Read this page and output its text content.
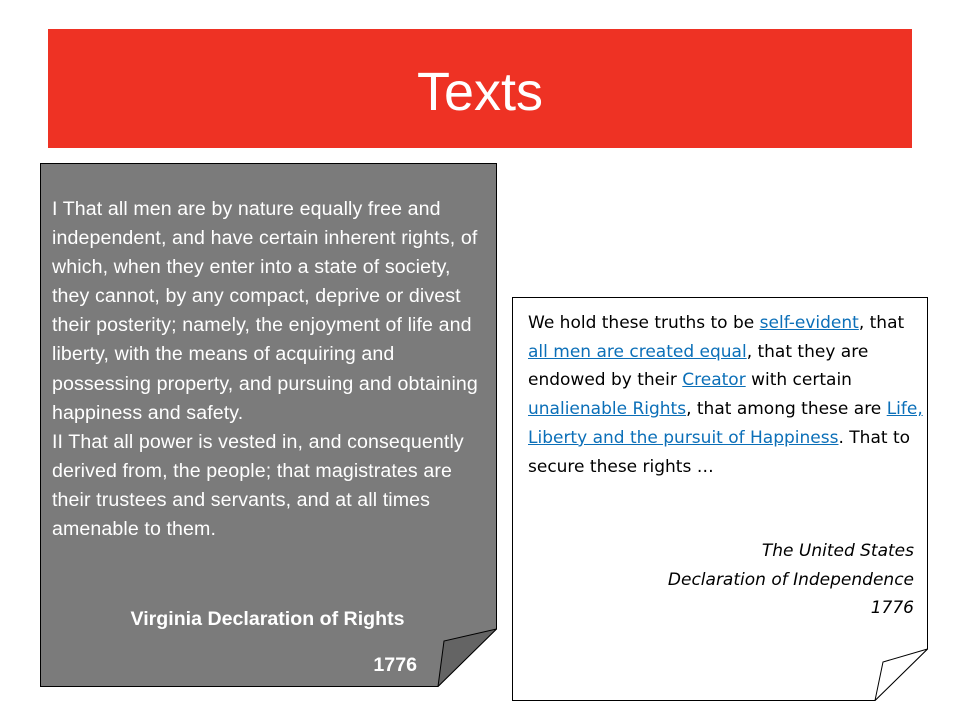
Texts

I That all men are by nature equally free and independent, and have certain inherent rights, of which, when they enter into a state of society, they cannot, by any compact, deprive or divest their posterity; namely, the enjoyment of life and liberty, with the means of acquiring and possessing property, and pursuing and obtaining happiness and safety.

II That all power is vested in, and consequently derived from, the people; that magistrates are their trustees and servants, and at all times amenable to them.

Virginia Declaration of Rights
1776
We hold these truths to be self-evident, that all men are created equal, that they are endowed by their Creator with certain unalienable Rights, that among these are Life, Liberty and the pursuit of Happiness. That to secure these rights …
The United States
Declaration of Independence
1776
